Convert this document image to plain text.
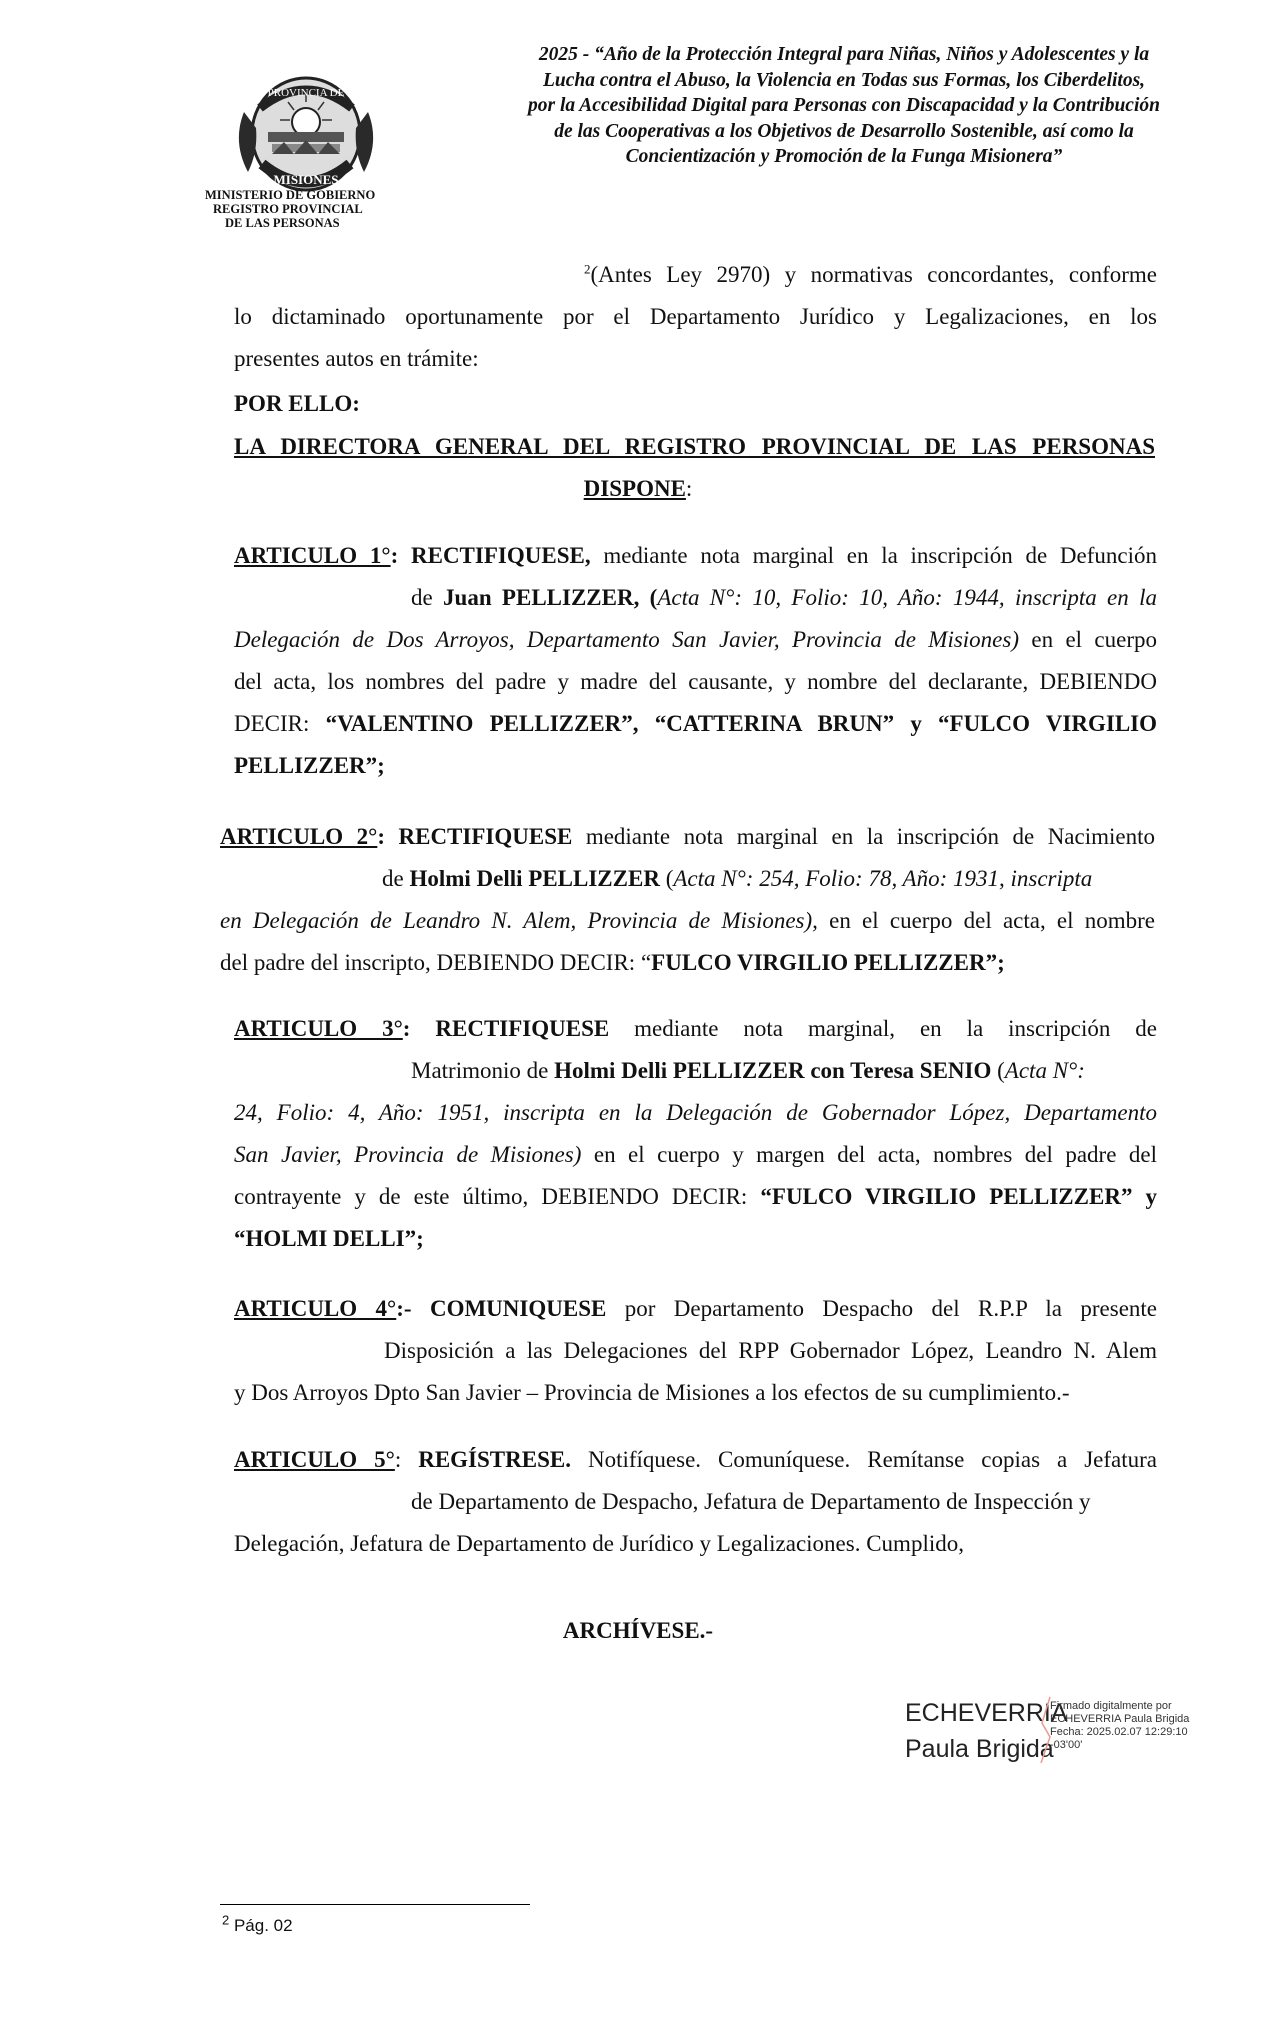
PROVINCIA DE
MISIONES
MINISTERIO DE GOBIERNO
REGISTRO PROVINCIAL
DE LAS PERSONAS
2025 - “Año de la Protección Integral para Niñas, Niños y Adolescentes y la
Lucha contra el Abuso, la Violencia en Todas sus Formas, los Ciberdelitos,
por la Accesibilidad Digital para Personas con Discapacidad y la Contribución
de las Cooperativas a los Objetivos de Desarrollo Sostenible, así como la
Concientización y Promoción de la Funga Misionera”
$^2$(Antes Ley 2970) y normativas concordantes, conforme
lo dictaminado oportunamente por el Departamento Jurídico y Legalizaciones, en los
presentes autos en trámite:
POR ELLO:
LA DIRECTORA GENERAL DEL REGISTRO PROVINCIAL DE LAS PERSONAS
DISPONE:
ARTICULO 1°: RECTIFIQUESE, mediante nota marginal en la inscripción de Defunción
de Juan PELLIZZER, (Acta N°: 10, Folio: 10, Año: 1944, inscripta en la
Delegación de Dos Arroyos, Departamento San Javier, Provincia de Misiones) en el cuerpo
del acta, los nombres del padre y madre del causante, y nombre del declarante, DEBIENDO
DECIR: “VALENTINO PELLIZZER”, “CATTERINA BRUN” y “FULCO VIRGILIO
PELLIZZER”;
ARTICULO 2°: RECTIFIQUESE mediante nota marginal en la inscripción de Nacimiento
de Holmi Delli PELLIZZER (Acta N°: 254, Folio: 78, Año: 1931, inscripta
en Delegación de Leandro N. Alem, Provincia de Misiones), en el cuerpo del acta, el nombre
del padre del inscripto, DEBIENDO DECIR: “FULCO VIRGILIO PELLIZZER”;
ARTICULO 3°: RECTIFIQUESE mediante nota marginal, en la inscripción de
Matrimonio de Holmi Delli PELLIZZER con Teresa SENIO (Acta N°:
24, Folio: 4, Año: 1951, inscripta en la Delegación de Gobernador López, Departamento
San Javier, Provincia de Misiones) en el cuerpo y margen del acta, nombres del padre del
contrayente y de este último, DEBIENDO DECIR: “FULCO VIRGILIO PELLIZZER” y
“HOLMI DELLI”;
ARTICULO 4°:- COMUNIQUESE por Departamento Despacho del R.P.P la presente
Disposición a las Delegaciones del RPP Gobernador López, Leandro N. Alem
y Dos Arroyos Dpto San Javier – Provincia de Misiones a los efectos de su cumplimiento.-
ARTICULO 5°: REGÍSTRESE. Notifíquese. Comuníquese. Remítanse copias a Jefatura
de Departamento de Despacho, Jefatura de Departamento de Inspección y
Delegación, Jefatura de Departamento de Jurídico y Legalizaciones. Cumplido,
ARCHÍVESE.-
ECHEVERRIA
Paula Brigida
Firmado digitalmente por
ECHEVERRIA Paula Brigida
Fecha: 2025.02.07 12:29:10
-03'00'
$^2$ Pág. 02
